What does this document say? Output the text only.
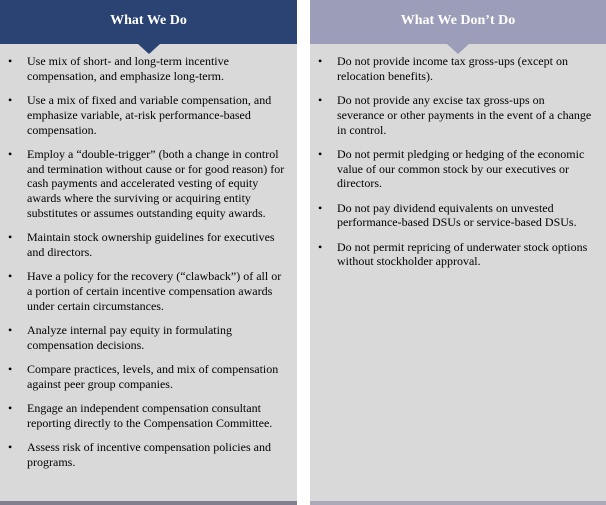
What We Do
• Use mix of short- and long-term incentive compensation, and emphasize long-term.
• Use a mix of fixed and variable compensation, and emphasize variable, at-risk performance-based compensation.
• Employ a “double-trigger” (both a change in control and termination without cause or for good reason) for cash payments and accelerated vesting of equity awards where the surviving or acquiring entity substitutes or assumes outstanding equity awards.
• Maintain stock ownership guidelines for executives and directors.
• Have a policy for the recovery (“clawback”) of all or a portion of certain incentive compensation awards under certain circumstances.
• Analyze internal pay equity in formulating compensation decisions.
• Compare practices, levels, and mix of compensation against peer group companies.
• Engage an independent compensation consultant reporting directly to the Compensation Committee.
• Assess risk of incentive compensation policies and programs.
What We Don’t Do
• Do not provide income tax gross-ups (except on relocation benefits).
• Do not provide any excise tax gross-ups on severance or other payments in the event of a change in control.
• Do not permit pledging or hedging of the economic value of our common stock by our executives or directors.
• Do not pay dividend equivalents on unvested performance-based DSUs or service-based DSUs.
• Do not permit repricing of underwater stock options without stockholder approval.
